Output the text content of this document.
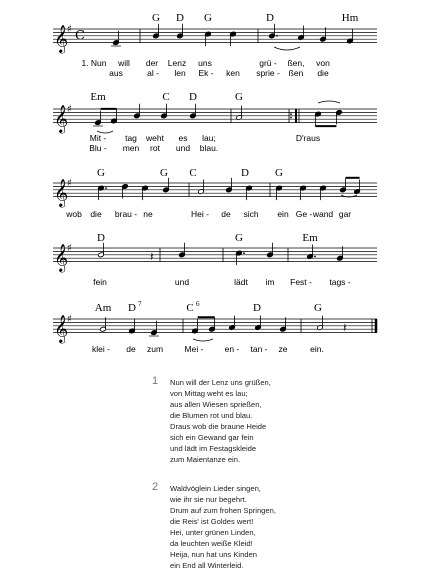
𝄞
♯ C
G D G	D	Hm
1. Nun will der Lenz uns	grü - ßen, von
aus	al - len Ek - ken sprie - ßen die
𝄞
♯
Em	C D	G
Mit - tag weht es lau;	D'raus
Blu - men rot und blau.
𝄞
♯
G	G C	D G
wob die brau - ne	Hei - de sich ein Ge - wand gar
𝄞
♯
𝄽
D	G	Em
fein	und	lädt im Fest - tags -
𝄞
♯
𝄽
Am D 7	C 6	D	G
klei - de zum	Mei - en - tan - ze	ein.
1 Nun will der Lenz uns grüßen,
von Mittag weht es lau;
aus allen Wiesen sprießen,
die Blumen rot und blau.
Draus wob die braune Heide
sich ein Gewand gar fein
und lädt im Festagskleide
zum Maientanze ein.
2 Waldvöglein Lieder singen,
wie ihr sie nur begehrt.
Drum auf zum frohen Springen,
die Reis' ist Goldes wert!
Hei, unter grünen Linden,
da leuchten weiße Kleid!
Heija, nun hat uns Kinden
ein End all Winterleid.
